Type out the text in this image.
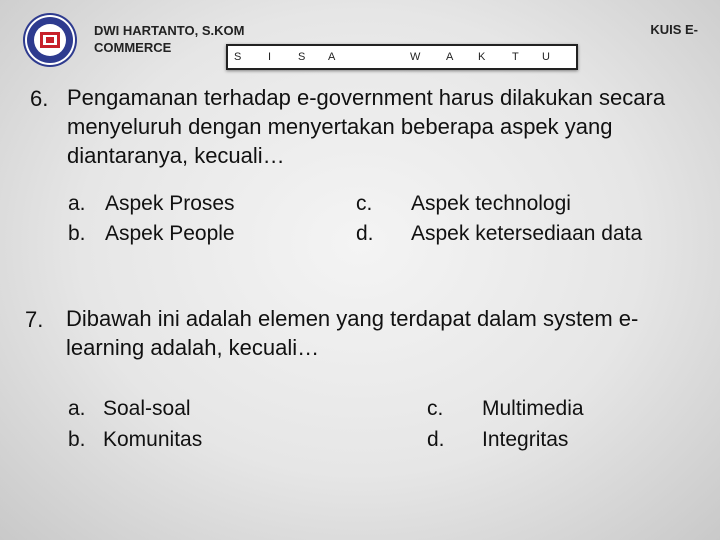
DWI HARTANTO, S.KOM
COMMERCE
KUIS E-
S I S A	W A K T U
6. Pengamanan terhadap e-government harus dilakukan secara menyeluruh dengan menyertakan beberapa aspek yang diantaranya, kecuali…
a. Aspek Proses
b. Aspek People
c. Aspek technologi
d. Aspek ketersediaan data
7. Dibawah ini adalah elemen yang terdapat dalam system e-learning adalah, kecuali…
a. Soal-soal
b. Komunitas
c. Multimedia
d. Integritas
